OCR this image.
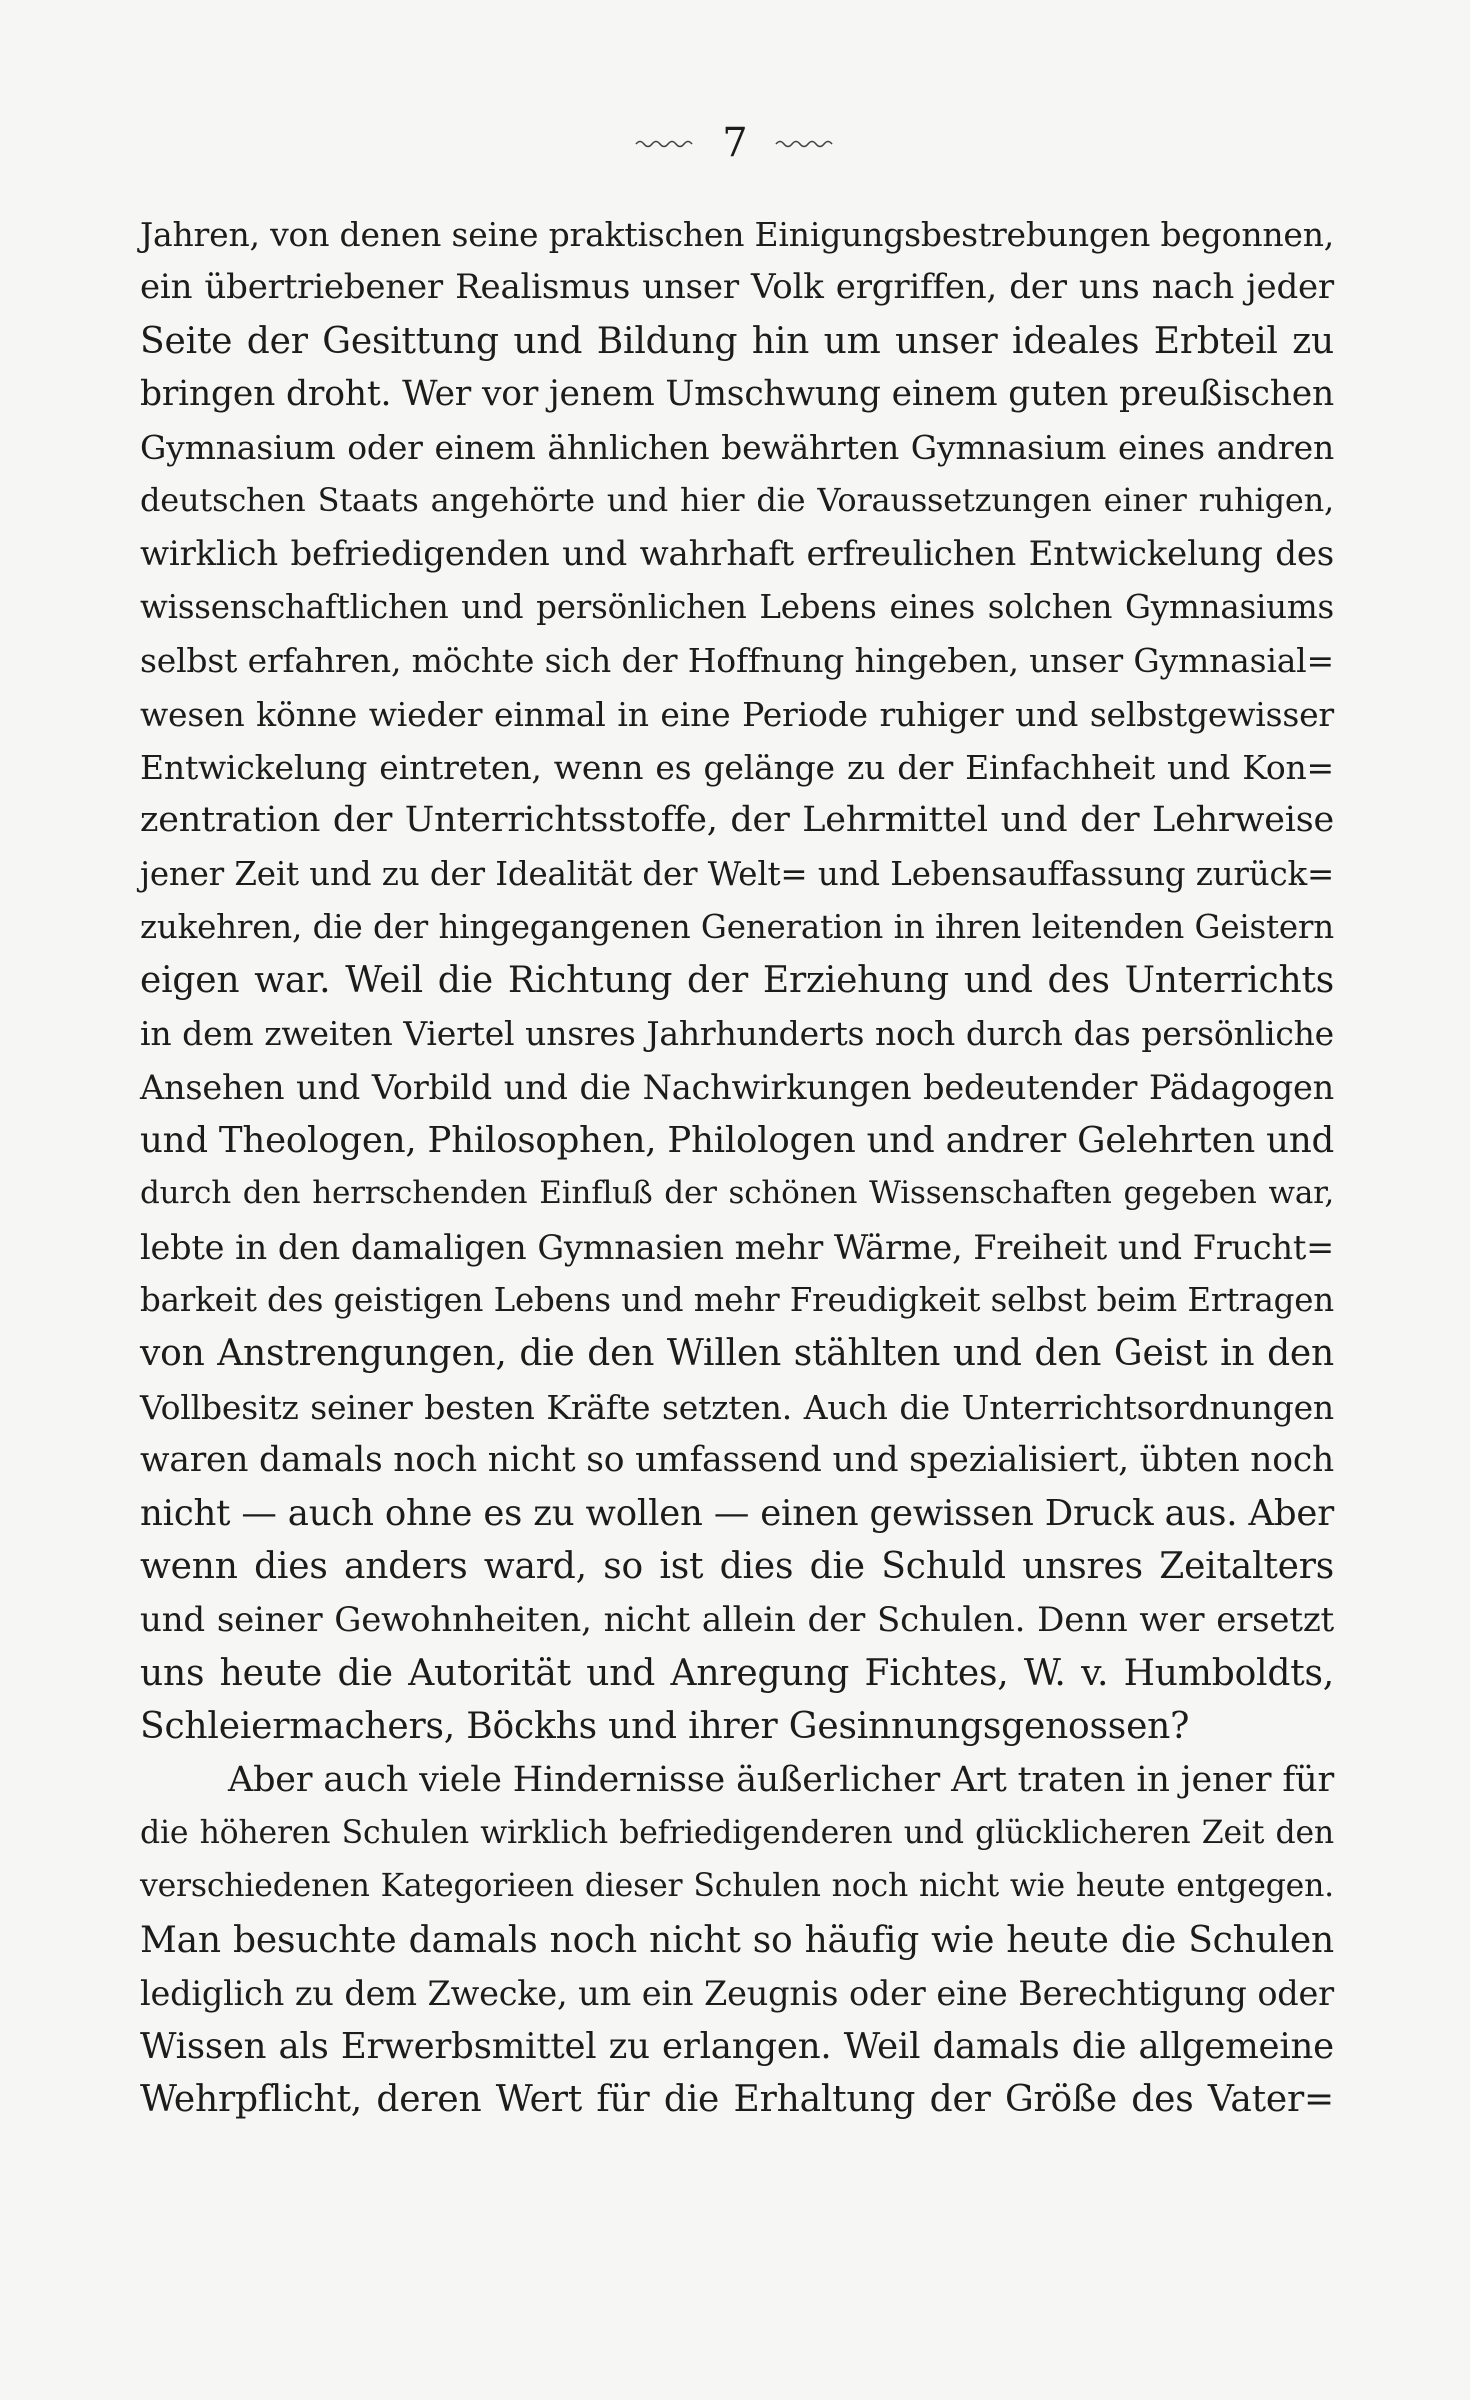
7
Jahren, von denen seine praktischen Einigungsbestrebungen begonnen,
ein übertriebener Realismus unser Volk ergriffen, der uns nach jeder
Seite der Gesittung und Bildung hin um unser ideales Erbteil zu
bringen droht. Wer vor jenem Umschwung einem guten preußischen
Gymnasium oder einem ähnlichen bewährten Gymnasium eines andren
deutschen Staats angehörte und hier die Voraussetzungen einer ruhigen,
wirklich befriedigenden und wahrhaft erfreulichen Entwickelung des
wissenschaftlichen und persönlichen Lebens eines solchen Gymnasiums
selbst erfahren, möchte sich der Hoffnung hingeben, unser Gymnasial=
wesen könne wieder einmal in eine Periode ruhiger und selbstgewisser
Entwickelung eintreten, wenn es gelänge zu der Einfachheit und Kon=
zentration der Unterrichtsstoffe, der Lehrmittel und der Lehrweise
jener Zeit und zu der Idealität der Welt= und Lebensauffassung zurück=
zukehren, die der hingegangenen Generation in ihren leitenden Geistern
eigen war. Weil die Richtung der Erziehung und des Unterrichts
in dem zweiten Viertel unsres Jahrhunderts noch durch das persönliche
Ansehen und Vorbild und die Nachwirkungen bedeutender Pädagogen
und Theologen, Philosophen, Philologen und andrer Gelehrten und
durch den herrschenden Einfluß der schönen Wissenschaften gegeben war,
lebte in den damaligen Gymnasien mehr Wärme, Freiheit und Frucht=
barkeit des geistigen Lebens und mehr Freudigkeit selbst beim Ertragen
von Anstrengungen, die den Willen stählten und den Geist in den
Vollbesitz seiner besten Kräfte setzten. Auch die Unterrichtsordnungen
waren damals noch nicht so umfassend und spezialisiert, übten noch
nicht — auch ohne es zu wollen — einen gewissen Druck aus. Aber
wenn dies anders ward, so ist dies die Schuld unsres Zeitalters
und seiner Gewohnheiten, nicht allein der Schulen. Denn wer ersetzt
uns heute die Autorität und Anregung Fichtes, W. v. Humboldts,
Schleiermachers, Böckhs und ihrer Gesinnungsgenossen?
Aber auch viele Hindernisse äußerlicher Art traten in jener für
die höheren Schulen wirklich befriedigenderen und glücklicheren Zeit den
verschiedenen Kategorieen dieser Schulen noch nicht wie heute entgegen.
Man besuchte damals noch nicht so häufig wie heute die Schulen
lediglich zu dem Zwecke, um ein Zeugnis oder eine Berechtigung oder
Wissen als Erwerbsmittel zu erlangen. Weil damals die allgemeine
Wehrpflicht, deren Wert für die Erhaltung der Größe des Vater=
